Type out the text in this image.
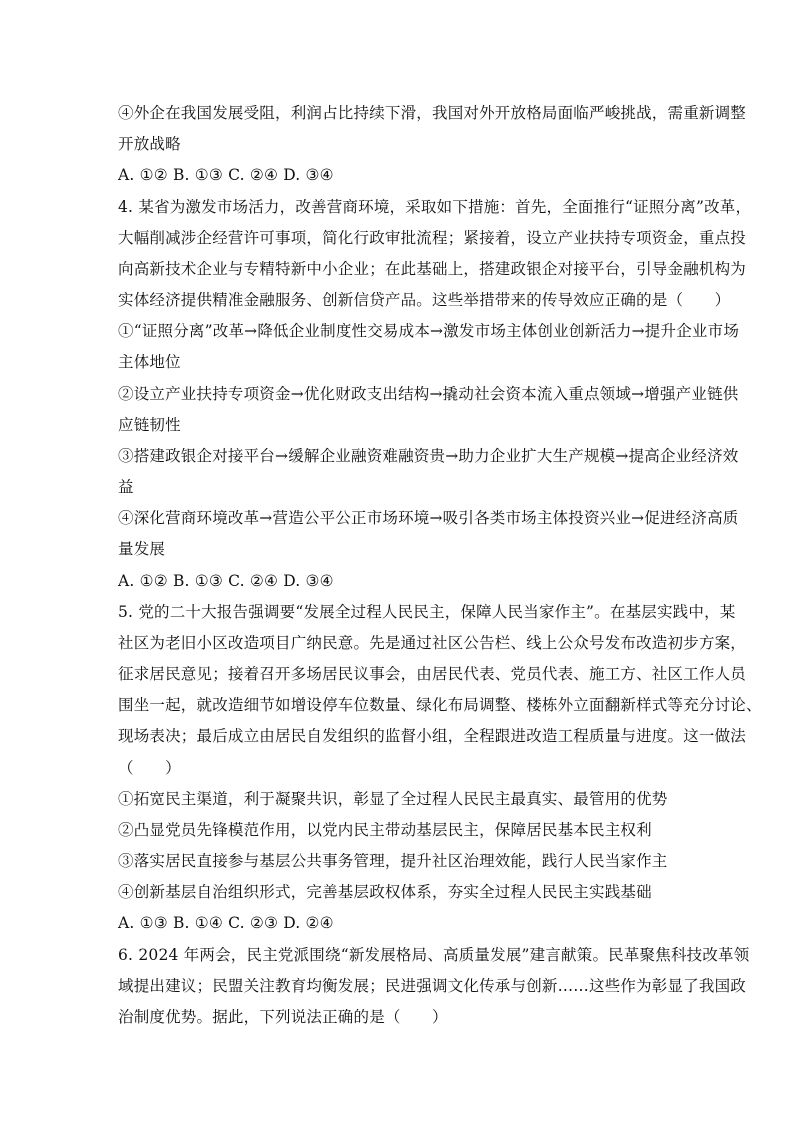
④外企在我国发展受阻，利润占比持续下滑，我国对外开放格局面临严峻挑战，需重新调整
开放战略
A. ①② B. ①③ C. ②④ D. ③④
4. 某省为激发市场活力，改善营商环境，采取如下措施：首先，全面推行“证照分离”改革，
大幅削减涉企经营许可事项，简化行政审批流程；紧接着，设立产业扶持专项资金，重点投
向高新技术企业与专精特新中小企业；在此基础上，搭建政银企对接平台，引导金融机构为
实体经济提供精准金融服务、创新信贷产品。这些举措带来的传导效应正确的是（　　）
①“证照分离”改革→降低企业制度性交易成本→激发市场主体创业创新活力→提升企业市场
主体地位
②设立产业扶持专项资金→优化财政支出结构→撬动社会资本流入重点领域→增强产业链供
应链韧性
③搭建政银企对接平台→缓解企业融资难融资贵→助力企业扩大生产规模→提高企业经济效
益
④深化营商环境改革→营造公平公正市场环境→吸引各类市场主体投资兴业→促进经济高质
量发展
A. ①② B. ①③ C. ②④ D. ③④
5. 党的二十大报告强调要“发展全过程人民民主，保障人民当家作主”。在基层实践中，某
社区为老旧小区改造项目广纳民意。先是通过社区公告栏、线上公众号发布改造初步方案，
征求居民意见；接着召开多场居民议事会，由居民代表、党员代表、施工方、社区工作人员
围坐一起，就改造细节如增设停车位数量、绿化布局调整、楼栋外立面翻新样式等充分讨论、
现场表决；最后成立由居民自发组织的监督小组，全程跟进改造工程质量与进度。这一做法
（　　）
①拓宽民主渠道，利于凝聚共识，彰显了全过程人民民主最真实、最管用的优势
②凸显党员先锋模范作用，以党内民主带动基层民主，保障居民基本民主权利
③落实居民直接参与基层公共事务管理，提升社区治理效能，践行人民当家作主
④创新基层自治组织形式，完善基层政权体系，夯实全过程人民民主实践基础
A. ①③ B. ①④ C. ②③ D. ②④
6. 2024 年两会，民主党派围绕“新发展格局、高质量发展”建言献策。民革聚焦科技改革领
域提出建议；民盟关注教育均衡发展；民进强调文化传承与创新……这些作为彰显了我国政
治制度优势。据此，下列说法正确的是（　　）
